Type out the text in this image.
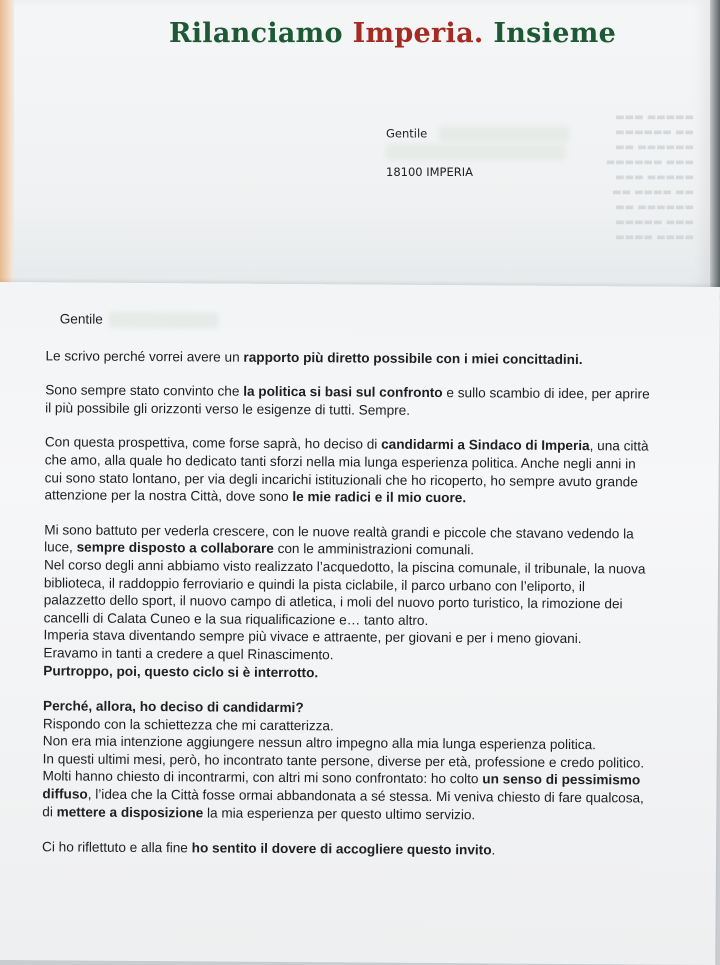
Rilanciamo Imperia. Insieme
Gentile
18100 IMPERIA
▬▬▬▬▬ ▬▬▬
▬▬ ▬▬▬▬▬▬
▬▬▬▬▬▬ ▬▬
▬▬▬ ▬▬▬▬▬▬
▬▬▬▬▬ ▬▬▬
▬▬ ▬▬▬▬ ▬▬
▬▬▬▬▬▬ ▬▬
▬▬▬ ▬▬▬▬▬
▬▬▬▬ ▬▬▬▬

Gentile

Le scrivo perché vorrei avere un rapporto più diretto possibile con i miei concittadini.

Sono sempre stato convinto che la politica si basi sul confronto e sullo scambio di idee, per aprire il più possibile gli orizzonti verso le esigenze di tutti. Sempre.

Con questa prospettiva, come forse saprà, ho deciso di candidarmi a Sindaco di Imperia, una città che amo, alla quale ho dedicato tanti sforzi nella mia lunga esperienza politica. Anche negli anni in cui sono stato lontano, per via degli incarichi istituzionali che ho ricoperto, ho sempre avuto grande attenzione per la nostra Città, dove sono le mie radici e il mio cuore.

Mi sono battuto per vederla crescere, con le nuove realtà grandi e piccole che stavano vedendo la luce, sempre disposto a collaborare con le amministrazioni comunali.

Nel corso degli anni abbiamo visto realizzato l’acquedotto, la piscina comunale, il tribunale, la nuova biblioteca, il raddoppio ferroviario e quindi la pista ciclabile, il parco urbano con l’eliporto, il palazzetto dello sport, il nuovo campo di atletica, i moli del nuovo porto turistico, la rimozione dei cancelli di Calata Cuneo e la sua riqualificazione e… tanto altro.

Imperia stava diventando sempre più vivace e attraente, per giovani e per i meno giovani.

Eravamo in tanti a credere a quel Rinascimento.

Purtroppo, poi, questo ciclo si è interrotto.

Perché, allora, ho deciso di candidarmi?

Rispondo con la schiettezza che mi caratterizza.

Non era mia intenzione aggiungere nessun altro impegno alla mia lunga esperienza politica.

In questi ultimi mesi, però, ho incontrato tante persone, diverse per età, professione e credo politico. Molti hanno chiesto di incontrarmi, con altri mi sono confrontato: ho colto un senso di pessimismo diffuso, l’idea che la Città fosse ormai abbandonata a sé stessa. Mi veniva chiesto di fare qualcosa, di mettere a disposizione la mia esperienza per questo ultimo servizio.

Ci ho riflettuto e alla fine ho sentito il dovere di accogliere questo invito.
